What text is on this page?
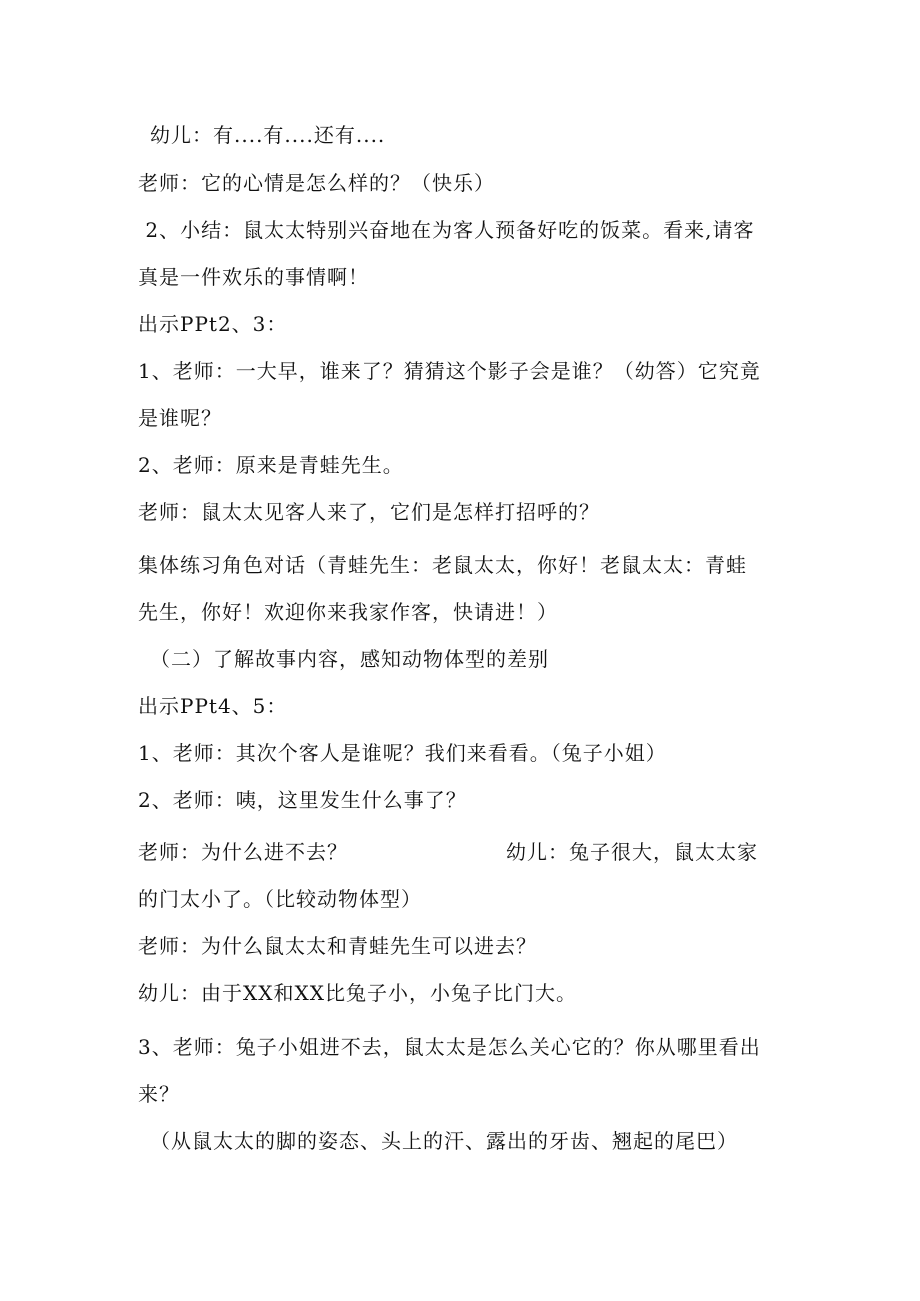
幼儿：有....有....还有....
老师：它的心情是怎么样的？（快乐）
2、小结：鼠太太特别兴奋地在为客人预备好吃的饭菜。看来,请客
真是一件欢乐的事情啊！
出示PPt2、3：
1、老师：一大早，谁来了？猜猜这个影子会是谁？（幼答）它究竟
是谁呢？
2、老师：原来是青蛙先生。
老师：鼠太太见客人来了，它们是怎样打招呼的？
集体练习角色对话（青蛙先生：老鼠太太，你好！老鼠太太：青蛙
先生，你好！欢迎你来我家作客，快请进！）
（二）了解故事内容，感知动物体型的差别
出示PPt4、5：
1、老师：其次个客人是谁呢？我们来看看。（兔子小姐）
2、老师：咦，这里发生什么事了？
老师：为什么进不去？	幼儿：兔子很大，鼠太太家
的门太小了。（比较动物体型）
老师：为什么鼠太太和青蛙先生可以进去？
幼儿：由于XX和XX比兔子小，小兔子比门大。
3、老师：兔子小姐进不去，鼠太太是怎么关心它的？你从哪里看出
来？
（从鼠太太的脚的姿态、头上的汗、露出的牙齿、翘起的尾巴）
